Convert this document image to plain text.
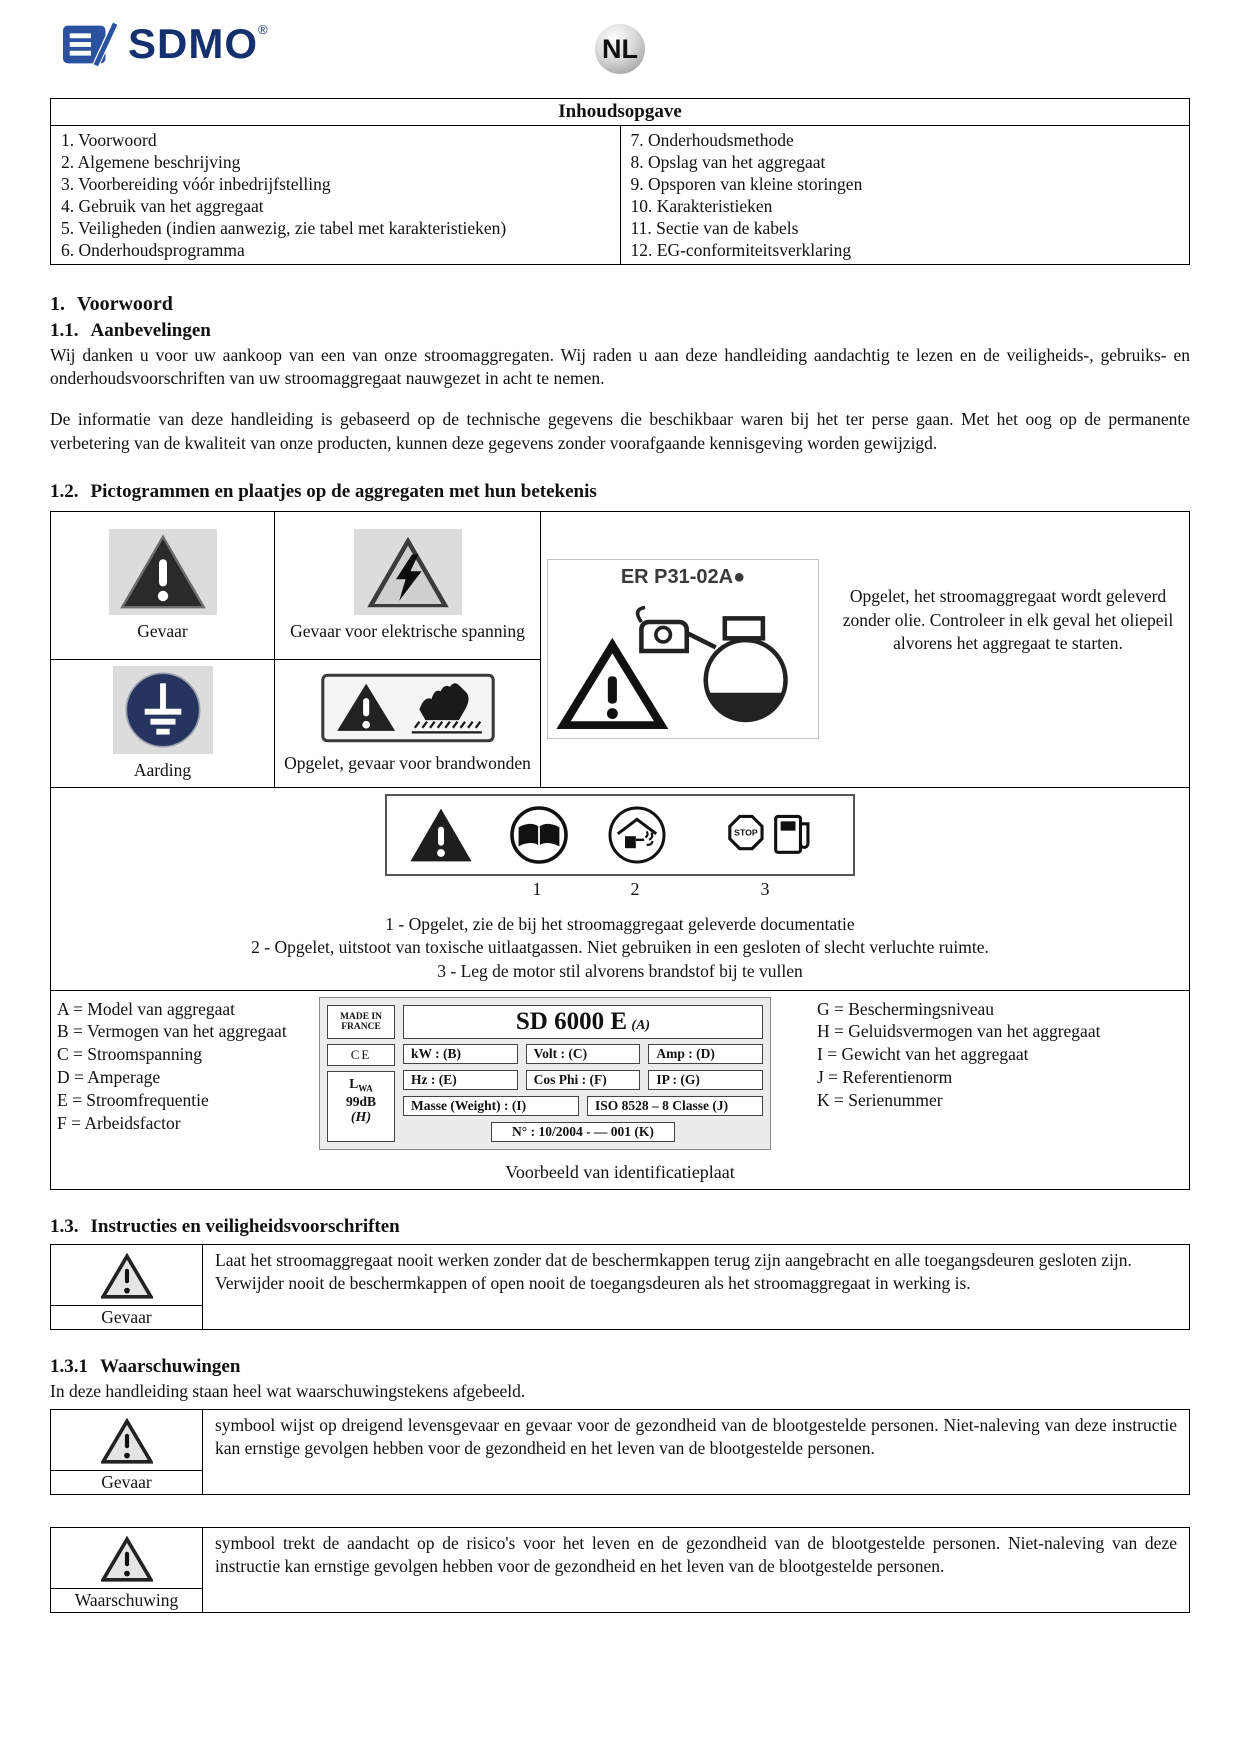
SDMO®
NL
Inhoudsopgave

1. Voorwoord
2. Algemene beschrijving
3. Voorbereiding vóór inbedrijfstelling
4. Gebruik van het aggregaat
5. Veiligheden (indien aanwezig, zie tabel met karakteristieken)
6. Onderhoudsprogramma

7. Onderhoudsmethode
8. Opslag van het aggregaat
9. Opsporen van kleine storingen
10. Karakteristieken
11. Sectie van de kabels
12. EG-conformiteitsverklaring
1. Voorwoord
1.1. Aanbevelingen

Wij danken u voor uw aankoop van een van onze stroomaggregaten. Wij raden u aan deze handleiding aandachtig te lezen en de veiligheids-, gebruiks- en onderhoudsvoorschriften van uw stroomaggregaat nauwgezet in acht te nemen.

De informatie van deze handleiding is gebaseerd op de technische gegevens die beschikbaar waren bij het ter perse gaan. Met het oog op de permanente verbetering van de kwaliteit van onze producten, kunnen deze gegevens zonder voorafgaande kennisgeving worden gewijzigd.

1.2. Pictogrammen en plaatjes op de aggregaten met hun betekenis
Gevaar	Gevaar voor elektrische spanning	ER P31-02A●
Opgelet, het stroomaggregaat wordt geleverd zonder olie. Controleer in elk geval het oliepeil alvorens het aggregaat te starten.

Aarding	Opgelet, gevaar voor brandwonden	

STOP
1	2	3
1 - Opgelet, zie de bij het stroomaggregaat geleverde documentatie
2 - Opgelet, uitstoot van toxische uitlaatgassen. Niet gebruiken in een gesloten of slecht verluchte ruimte.
3 - Leg de motor stil alvorens brandstof bij te vullen

A = Model van aggregaat
B = Vermogen van het aggregaat
C = Stroomspanning
D = Amperage
E = Stroomfrequentie
F = Arbeidsfactor
MADE IN FRANCE	SD 6000 E (A)
CE
$L_{WA}$
99dB
(H)
kW : (B)	Volt : (C)	Amp : (D)
Hz : (E)	Cos Phi : (F)	IP : (G)
Masse (Weight) : (I)	ISO 8528 – 8 Classe (J)
N° : 10/2004 - — 001 (K)
G = Beschermingsniveau
H = Geluidsvermogen van het aggregaat
I = Gewicht van het aggregaat
J = Referentienorm
K = Serienummer
Voorbeeld van identificatieplaat
1.3. Instructies en veiligheidsvoorschriften
Gevaar

Laat het stroomaggregaat nooit werken zonder dat de beschermkappen terug zijn aangebracht en alle toegangsdeuren gesloten zijn.
Verwijder nooit de beschermkappen of open nooit de toegangsdeuren als het stroomaggregaat in werking is.
1.3.1 Waarschuwingen

In deze handleiding staan heel wat waarschuwingstekens afgebeeld.

Gevaar
	symbool wijst op dreigend levensgevaar en gevaar voor de gezondheid van de blootgestelde personen. Niet-naleving van deze instructie kan ernstige gevolgen hebben voor de gezondheid en het leven van de blootgestelde personen.
Waarschuwing
	symbool trekt de aandacht op de risico's voor het leven en de gezondheid van de blootgestelde personen. Niet-naleving van deze instructie kan ernstige gevolgen hebben voor de gezondheid en het leven van de blootgestelde personen.
